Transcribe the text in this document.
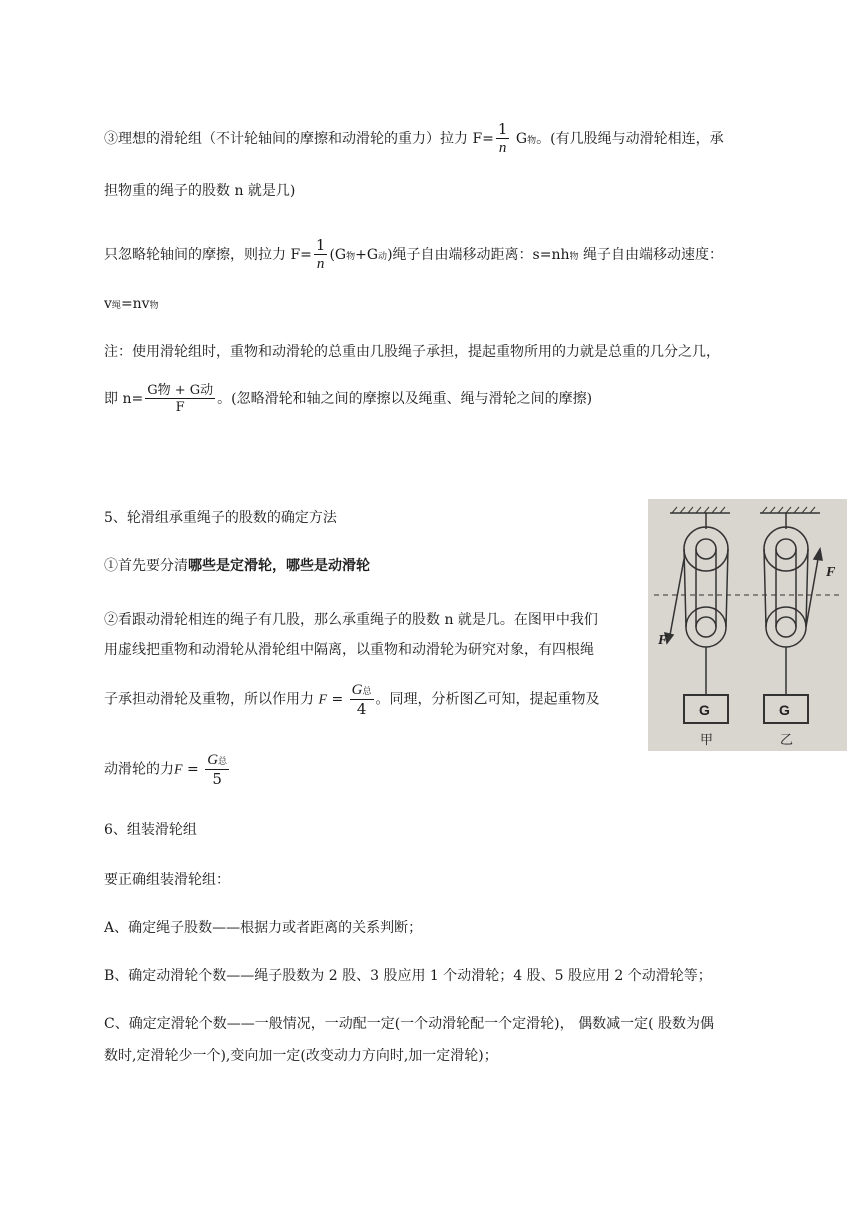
③理想的滑轮组（不计轮轴间的摩擦和动滑轮的重力）拉力 $F= \frac{1}{n}$ G物。(有几股绳与动滑轮相连，承
担物重的绳子的股数 n 就是几)
只忽略轮轴间的摩擦，则拉力 $F= \frac{1}{n} (G$物+G动)绳子自由端移动距离：s=nh物 绳子自由端移动速度：
v绳=nv物
注：使用滑轮组时，重物和动滑轮的总重由几股绳子承担，提起重物所用的力就是总重的几分之几，
即 $n= \frac{\text{G物 + G动}}{F}$ 。(忽略滑轮和轴之间的摩擦以及绳重、绳与滑轮之间的摩擦)
5、轮滑组承重绳子的股数的确定方法
①首先要分清哪些是定滑轮，哪些是动滑轮
②看跟动滑轮相连的绳子有几股，那么承重绳子的股数 n 就是几。在图甲中我们
用虚线把重物和动滑轮从滑轮组中隔离，以重物和动滑轮为研究对象，有四根绳
子承担动滑轮及重物，所以作用力 $F = \frac{\text{G总}}{4}$ 。同理，分析图乙可知，提起重物及
动滑轮的力$F = \frac{\text{G总}}{5}$
F
F
G	G
甲	乙
6、组装滑轮组
要正确组装滑轮组：
A、确定绳子股数——根据力或者距离的关系判断；
B、确定动滑轮个数——绳子股数为 2 股、3 股应用 1 个动滑轮；4 股、5 股应用 2 个动滑轮等；
C、确定定滑轮个数——一般情况，一动配一定(一个动滑轮配一个定滑轮)， 偶数减一定( 股数为偶
数时,定滑轮少一个),变向加一定(改变动力方向时,加一定滑轮)；
